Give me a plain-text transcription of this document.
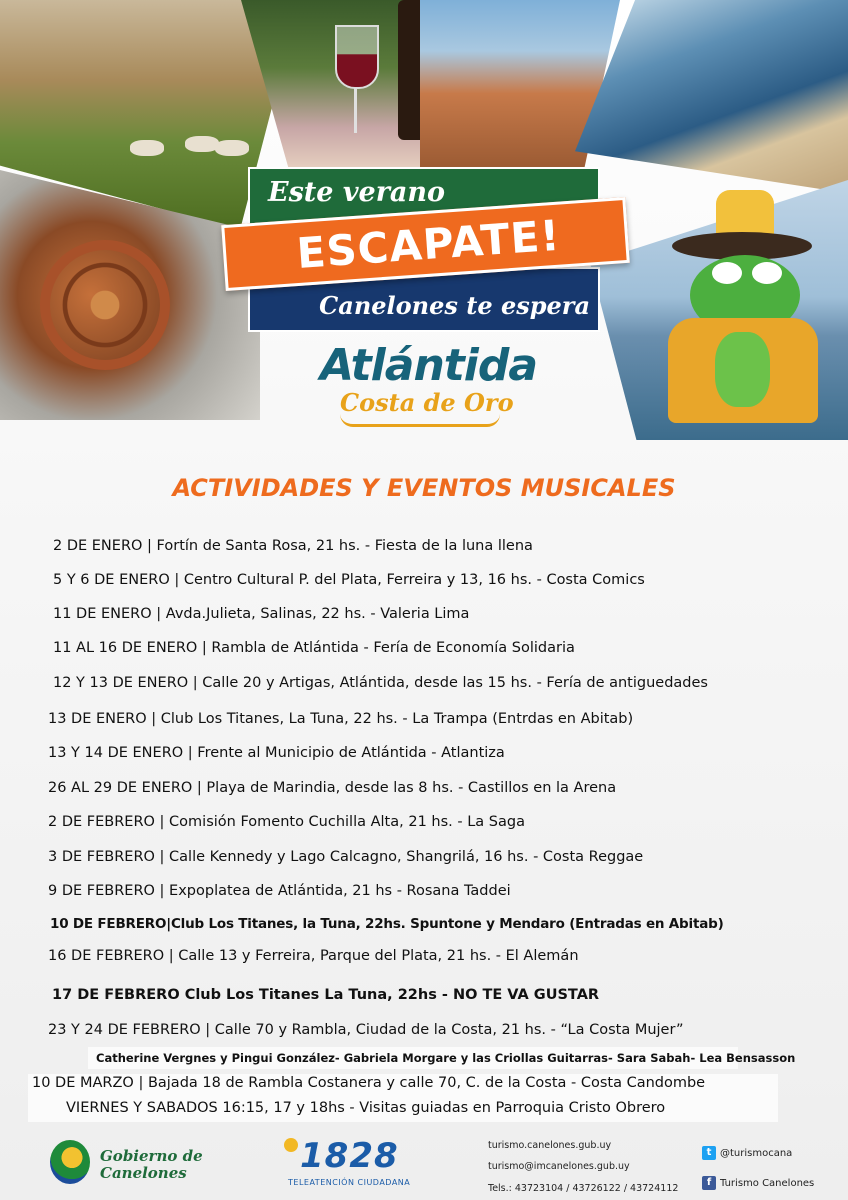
Este verano
Canelones te espera
ESCAPATE!
Atlántida
Costa de Oro
ACTIVIDADES Y EVENTOS MUSICALES
2 DE ENERO | Fortín de Santa Rosa, 21 hs. - Fiesta de la luna llena
5 Y 6 DE ENERO | Centro Cultural P. del Plata, Ferreira y 13, 16 hs. - Costa Comics
11 DE ENERO | Avda.Julieta, Salinas, 22 hs. - Valeria Lima
11 AL 16 DE ENERO | Rambla de Atlántida - Fería de Economía Solidaria
12 Y 13 DE ENERO | Calle 20 y Artigas, Atlántida, desde las 15 hs. - Fería de antiguedades
13 DE ENERO | Club Los Titanes, La Tuna, 22 hs. - La Trampa (Entrdas en Abitab)
13 Y 14 DE ENERO | Frente al Municipio de Atlántida - Atlantiza
26 AL 29 DE ENERO | Playa de Marindia, desde las 8 hs. - Castillos en la Arena
2 DE FEBRERO | Comisión Fomento Cuchilla Alta, 21 hs. - La Saga
3 DE FEBRERO | Calle Kennedy y Lago Calcagno, Shangrilá, 16 hs. - Costa Reggae
9 DE FEBRERO | Expoplatea de Atlántida, 21 hs - Rosana Taddei
10 DE FEBRERO|Club Los Titanes, la Tuna, 22hs. Spuntone y Mendaro (Entradas en Abitab)
16 DE FEBRERO | Calle 13 y Ferreira, Parque del Plata, 21 hs. - El Alemán
17 DE FEBRERO Club Los Titanes La Tuna, 22hs - NO TE VA GUSTAR
23 Y 24 DE FEBRERO | Calle 70 y Rambla, Ciudad de la Costa, 21 hs. - “La Costa Mujer”
Catherine Vergnes y Pingui González- Gabriela Morgare y las Criollas Guitarras- Sara Sabah- Lea Bensasson
10 DE MARZO | Bajada 18 de Rambla Costanera y calle 70, C. de la Costa - Costa Candombe
VIERNES Y SABADOS 16:15, 17 y 18hs - Visitas guiadas en Parroquia Cristo Obrero
Gobierno de Canelones	1828
TELEATENCIÓN CIUDADANA
turismo.canelones.gub.uy
turismo@imcanelones.gub.uy
Tels.: 43723104 / 43726122 / 43724112
t @turismocana
f Turismo Canelones
